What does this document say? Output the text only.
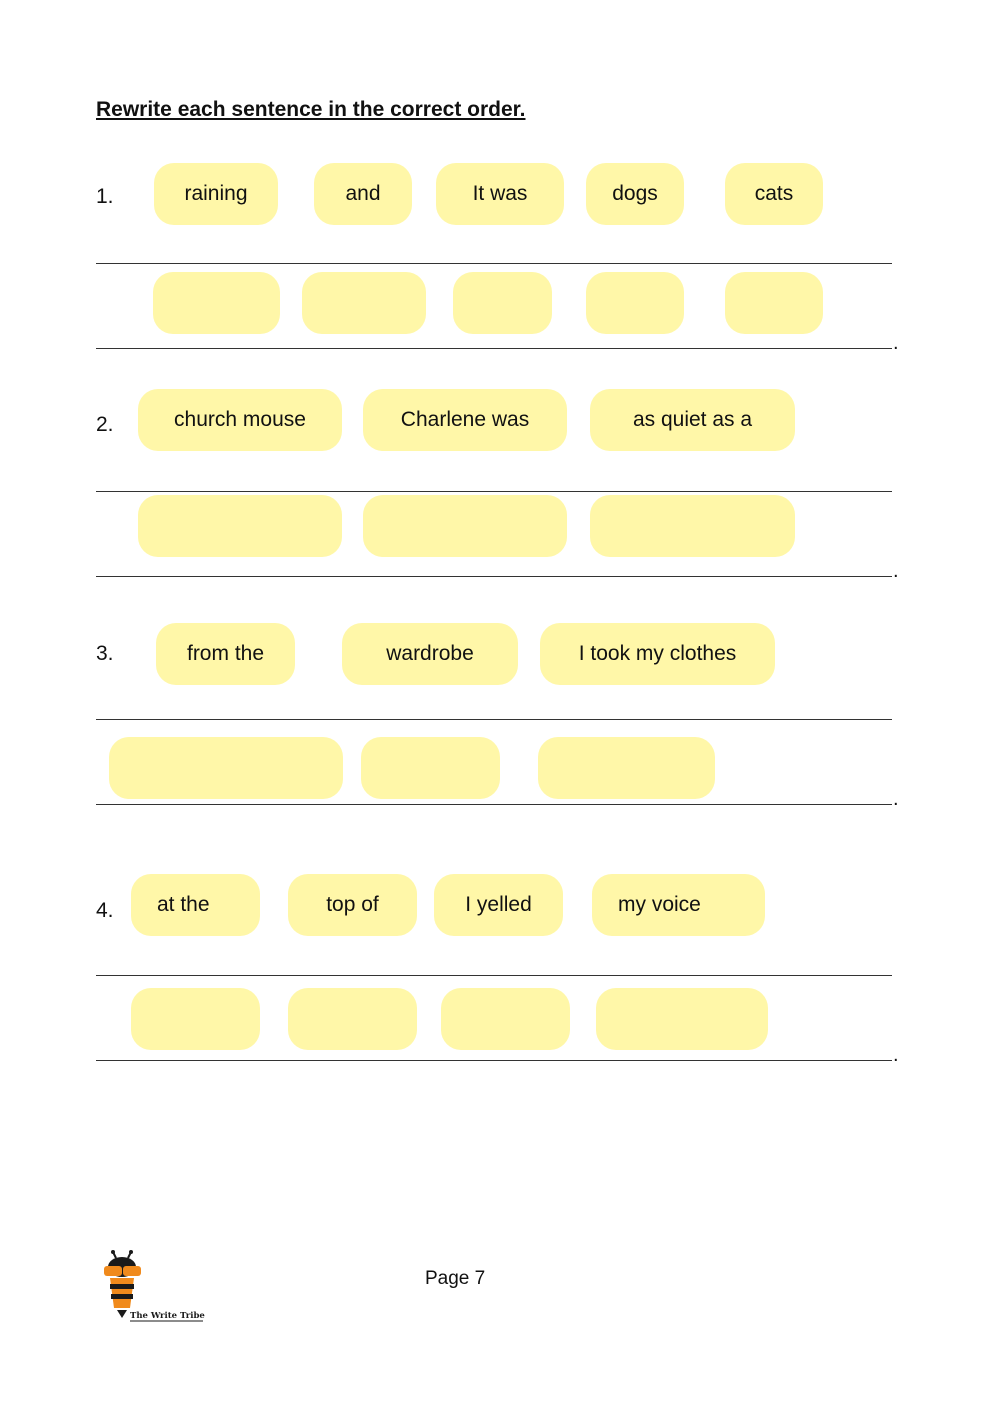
Rewrite each sentence in the correct order.
1.	raining	and	It was	dogs	cats
.
2.	church mouse	Charlene was	as quiet as a
.
3.	from the	wardrobe	I took my clothes
.
4.	at the	top of	I yelled	my voice
.
The Write Tribe
Page 7
